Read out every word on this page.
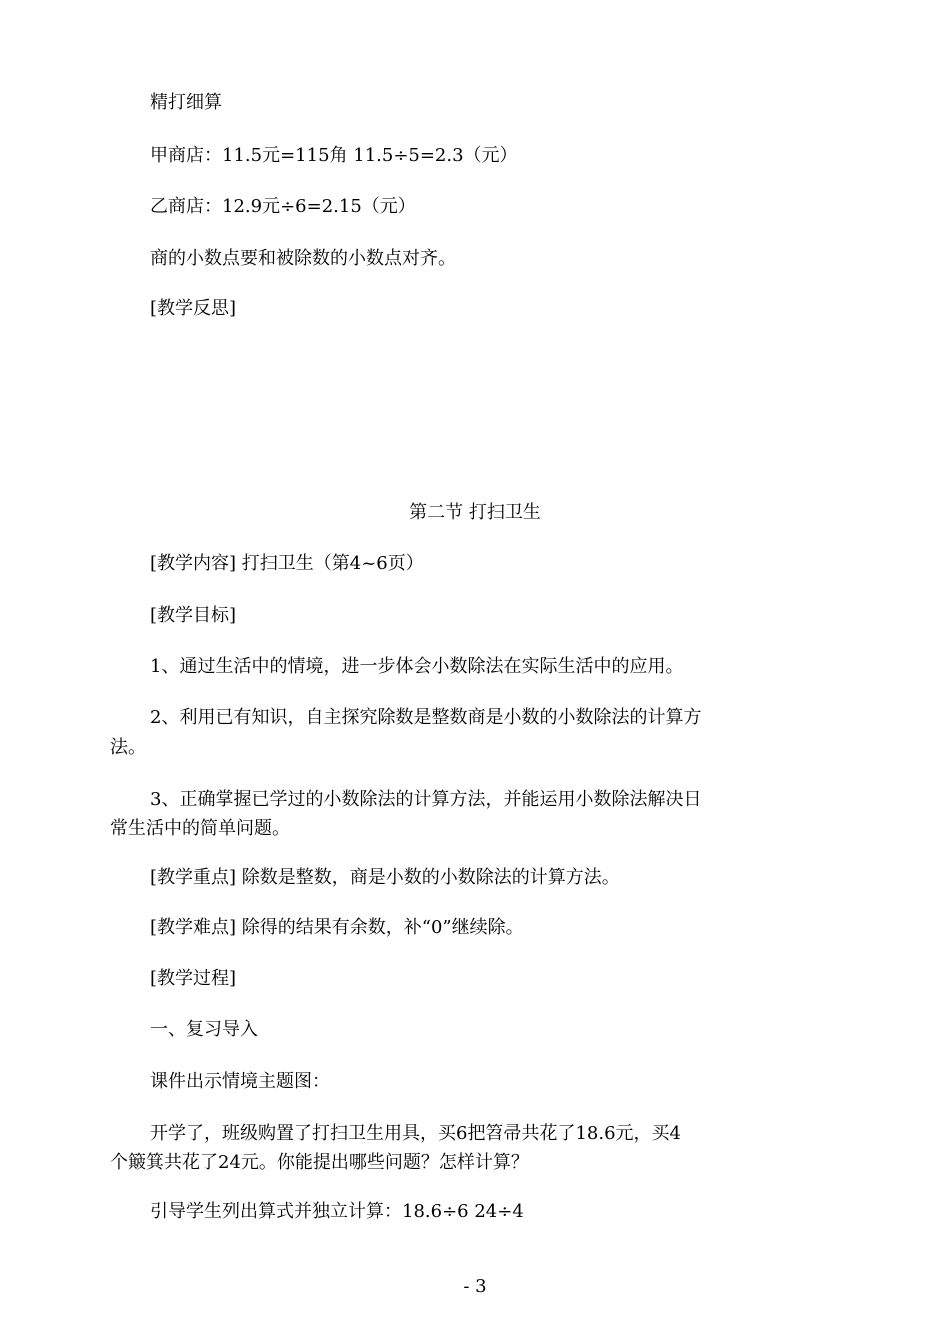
精打细算
甲商店：11.5元=115角 11.5÷5=2.3（元）
乙商店：12.9元÷6=2.15（元）
商的小数点要和被除数的小数点对齐。
[教学反思]
第二节 打扫卫生
[教学内容] 打扫卫生（第4~6页）
[教学目标]
1、通过生活中的情境，进一步体会小数除法在实际生活中的应用。
2、利用已有知识，自主探究除数是整数商是小数的小数除法的计算方
法。
3、正确掌握已学过的小数除法的计算方法，并能运用小数除法解决日
常生活中的简单问题。
[教学重点] 除数是整数，商是小数的小数除法的计算方法。
[教学难点] 除得的结果有余数，补“0”继续除。
[教学过程]
一、复习导入
课件出示情境主题图：
开学了，班级购置了打扫卫生用具，买6把笤帚共花了18.6元，买4
个簸箕共花了24元。你能提出哪些问题？怎样计算？
引导学生列出算式并独立计算：18.6÷6 24÷4
- 3
